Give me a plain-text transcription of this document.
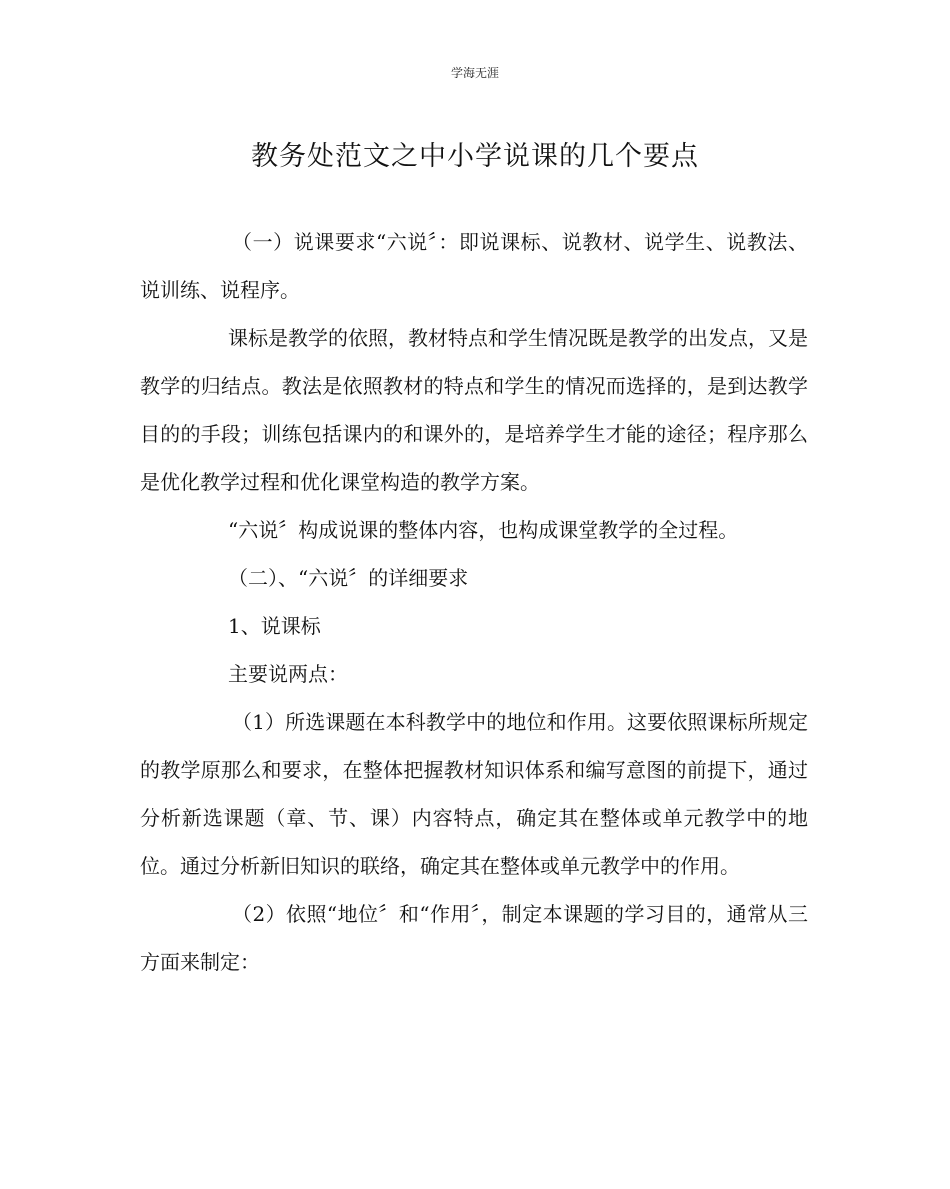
学海无涯
教务处范文之中小学说课的几个要点

（一）说课要求“六说〞：即说课标、说教材、说学生、说教法、说训练、说程序。

课标是教学的依照，教材特点和学生情况既是教学的出发点，又是教学的归结点。教法是依照教材的特点和学生的情况而选择的，是到达教学目的的手段；训练包括课内的和课外的，是培养学生才能的途径；程序那么是优化教学过程和优化课堂构造的教学方案。

“六说〞构成说课的整体内容，也构成课堂教学的全过程。

（二）、“六说〞的详细要求

1、说课标

主要说两点：

（1）所选课题在本科教学中的地位和作用。这要依照课标所规定的教学原那么和要求，在整体把握教材知识体系和编写意图的前提下，通过分析新选课题（章、节、课）内容特点，确定其在整体或单元教学中的地位。通过分析新旧知识的联络，确定其在整体或单元教学中的作用。

（2）依照“地位〞和“作用〞，制定本课题的学习目的，通常从三方面来制定：
